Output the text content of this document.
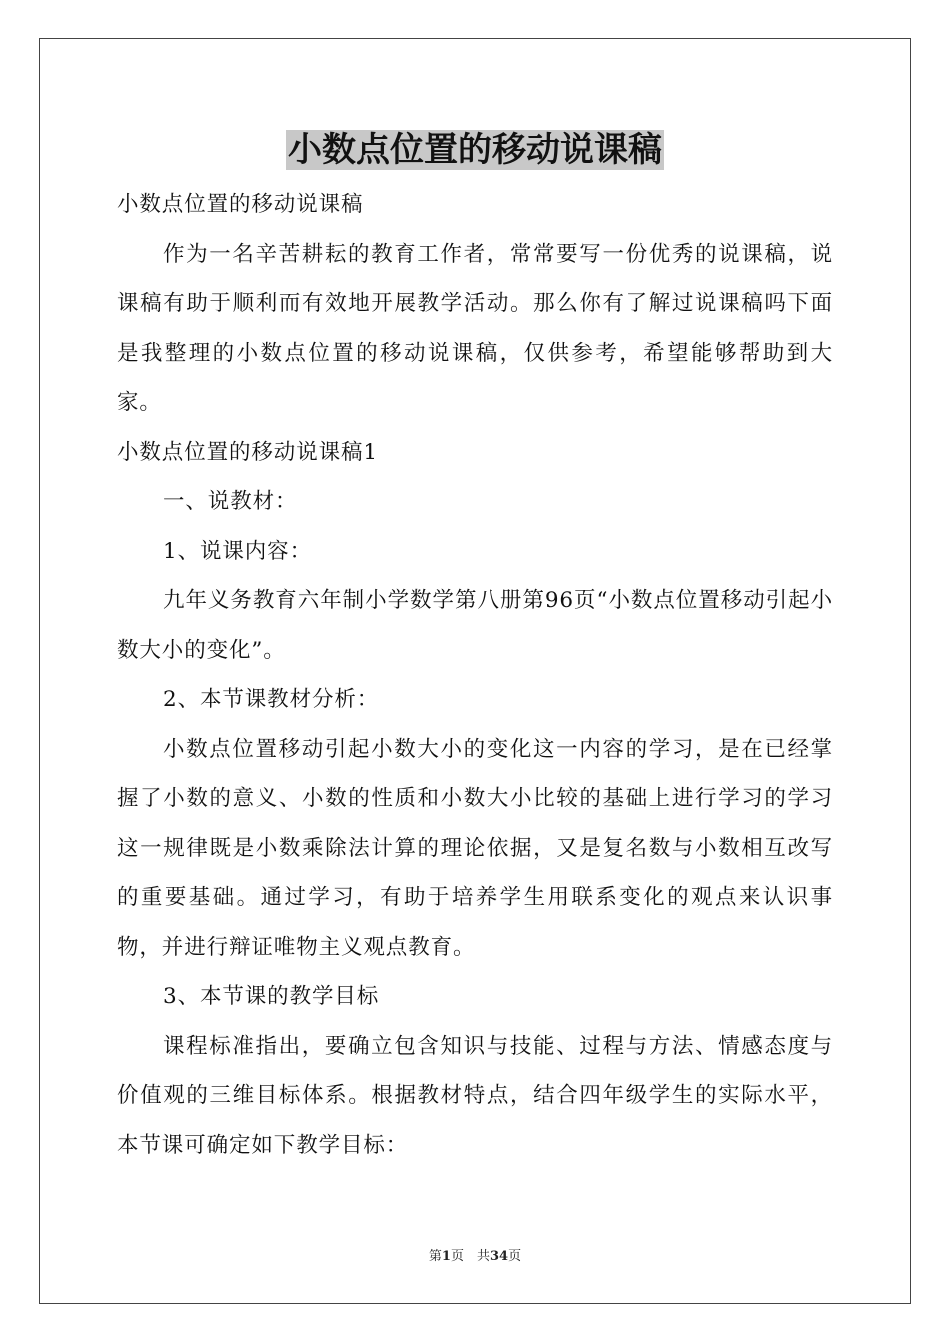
小数点位置的移动说课稿

小数点位置的移动说课稿

作为一名辛苦耕耘的教育工作者，常常要写一份优秀的说课稿，说课稿有助于顺利而有效地开展教学活动。那么你有了解过说课稿吗下面是我整理的小数点位置的移动说课稿，仅供参考，希望能够帮助到大家。

小数点位置的移动说课稿1

一、说教材：

1、说课内容：

九年义务教育六年制小学数学第八册第96页“小数点位置移动引起小数大小的变化”。

2、本节课教材分析：

小数点位置移动引起小数大小的变化这一内容的学习，是在已经掌握了小数的意义、小数的性质和小数大小比较的基础上进行学习的学习这一规律既是小数乘除法计算的理论依据，又是复名数与小数相互改写的重要基础。通过学习，有助于培养学生用联系变化的观点来认识事物，并进行辩证唯物主义观点教育。

3、本节课的教学目标

课程标准指出，要确立包含知识与技能、过程与方法、情感态度与价值观的三维目标体系。根据教材特点，结合四年级学生的实际水平，本节课可确定如下教学目标：

第1页　共34页
